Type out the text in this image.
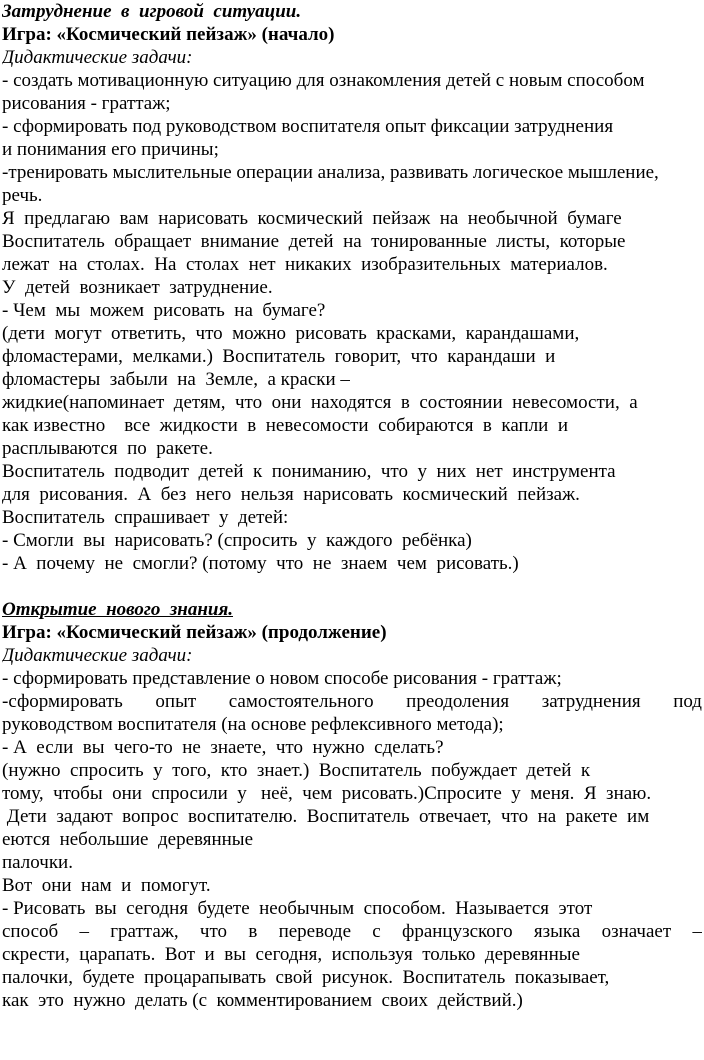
Затруднение  в  игровой  ситуации.
Игра: «Космический пейзаж» (начало)
Дидактические задачи:
- создать мотивационную ситуацию для ознакомления детей с новым способом
рисования - граттаж;
- сформировать под руководством воспитателя опыт фиксации затруднения
и понимания его причины;
-тренировать мыслительные операции анализа, развивать логическое мышление,
речь.
Я  предлагаю  вам  нарисовать  космический  пейзаж  на  необычной  бумаге
Воспитатель  обращает  внимание  детей  на  тонированные  листы,  которые
лежат  на  столах.  На  столах  нет  никаких  изобразительных  материалов.
У  детей  возникает  затруднение.
- Чем  мы  можем  рисовать  на  бумаге?
(дети  могут  ответить,  что  можно  рисовать  красками,  карандашами,
фломастерами,  мелками.)  Воспитатель  говорит,  что  карандаши  и
фломастеры  забыли  на  Земле,  а краски –
жидкие(напоминает  детям,  что  они  находятся  в  состоянии  невесомости,  а
как известно    все  жидкости  в  невесомости  собираются  в  капли  и
расплываются  по  ракете.
Воспитатель  подводит  детей  к  пониманию,  что  у  них  нет  инструмента
для  рисования.  А  без  него  нельзя  нарисовать  космический  пейзаж.
Воспитатель  спрашивает  у  детей:
- Смогли  вы  нарисовать? (спросить  у  каждого  ребёнка)
- А  почему  не  смогли? (потому  что  не  знаем  чем  рисовать.)
Открытие  нового  знания.
Игра: «Космический пейзаж» (продолжение)
Дидактические задачи:
- сформировать представление о новом способе рисования - граттаж;
-сформировать опыт самостоятельного преодоления затруднения под
руководством воспитателя (на основе рефлексивного метода);
- А  если  вы  чего-то  не  знаете,  что  нужно  сделать?
(нужно  спросить  у  того,  кто  знает.)  Воспитатель  побуждает  детей  к
тому,  чтобы  они  спросили  у   неё,  чем  рисовать.)Спросите  у  меня.  Я  знаю.
Дети  задают  вопрос  воспитателю.  Воспитатель  отвечает,  что  на  ракете  им
еются  небольшие  деревянные
палочки.
Вот  они  нам  и  помогут.
- Рисовать  вы  сегодня  будете  необычным  способом.  Называется  этот
способ – граттаж, что в переводе с французского языка означает –
скрести,  царапать.  Вот  и  вы  сегодня,  используя  только  деревянные
палочки,  будете  процарапывать  свой  рисунок.  Воспитатель  показывает,
как  это  нужно  делать (с  комментированием  своих  действий.)
